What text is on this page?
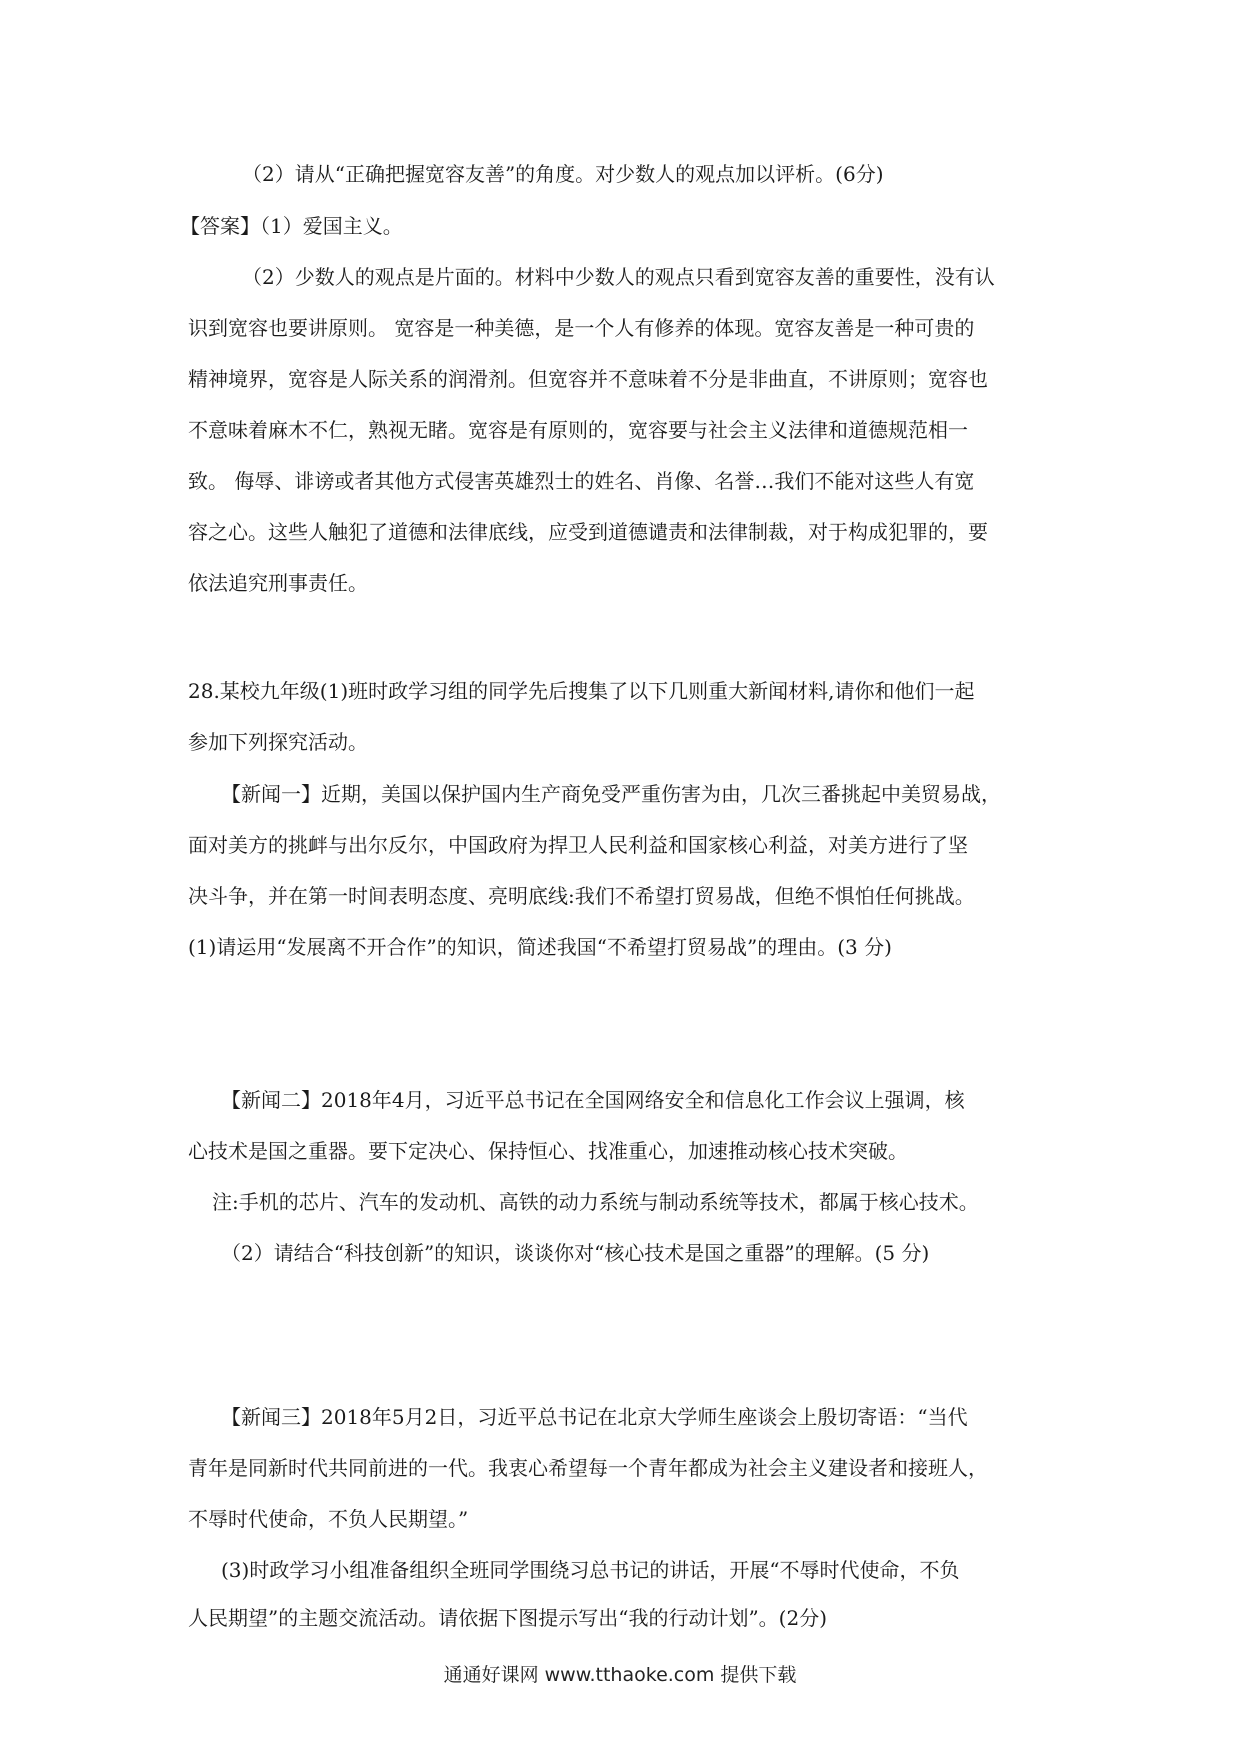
（2）请从“正确把握宽容友善”的角度。对少数人的观点加以评析。(6分)
【答案】（1）爱国主义。
（2）少数人的观点是片面的。材料中少数人的观点只看到宽容友善的重要性，没有认
识到宽容也要讲原则。 宽容是一种美德，是一个人有修养的体现。宽容友善是一种可贵的
精神境界，宽容是人际关系的润滑剂。但宽容并不意味着不分是非曲直，不讲原则；宽容也
不意味着麻木不仁，熟视无睹。宽容是有原则的，宽容要与社会主义法律和道德规范相一
致。 侮辱、诽谤或者其他方式侵害英雄烈士的姓名、肖像、名誉…我们不能对这些人有宽
容之心。这些人触犯了道德和法律底线，应受到道德谴责和法律制裁，对于构成犯罪的，要
依法追究刑事责任。
28.某校九年级(1)班时政学习组的同学先后搜集了以下几则重大新闻材料,请你和他们一起
参加下列探究活动。
【新闻一】近期，美国以保护国内生产商免受严重伤害为由，几次三番挑起中美贸易战，
面对美方的挑衅与出尔反尔，中国政府为捍卫人民利益和国家核心利益，对美方进行了坚
决斗争，并在第一时间表明态度、亮明底线:我们不希望打贸易战，但绝不惧怕任何挑战。
(1)请运用“发展离不开合作”的知识，简述我国“不希望打贸易战”的理由。(3 分)
【新闻二】2018年4月，习近平总书记在全国网络安全和信息化工作会议上强调，核
心技术是国之重器。要下定决心、保持恒心、找准重心，加速推动核心技术突破。
注:手机的芯片、汽车的发动机、高铁的动力系统与制动系统等技术，都属于核心技术。
（2）请结合“科技创新”的知识，谈谈你对“核心技术是国之重器”的理解。(5 分)
【新闻三】2018年5月2日，习近平总书记在北京大学师生座谈会上殷切寄语：“当代
青年是同新时代共同前进的一代。我衷心希望每一个青年都成为社会主义建设者和接班人，
不辱时代使命，不负人民期望。”
(3)时政学习小组准备组织全班同学围绕习总书记的讲话，开展“不辱时代使命，不负
人民期望”的主题交流活动。请依据下图提示写出“我的行动计划”。(2分)
通通好课网 www.tthaoke.com 提供下载
